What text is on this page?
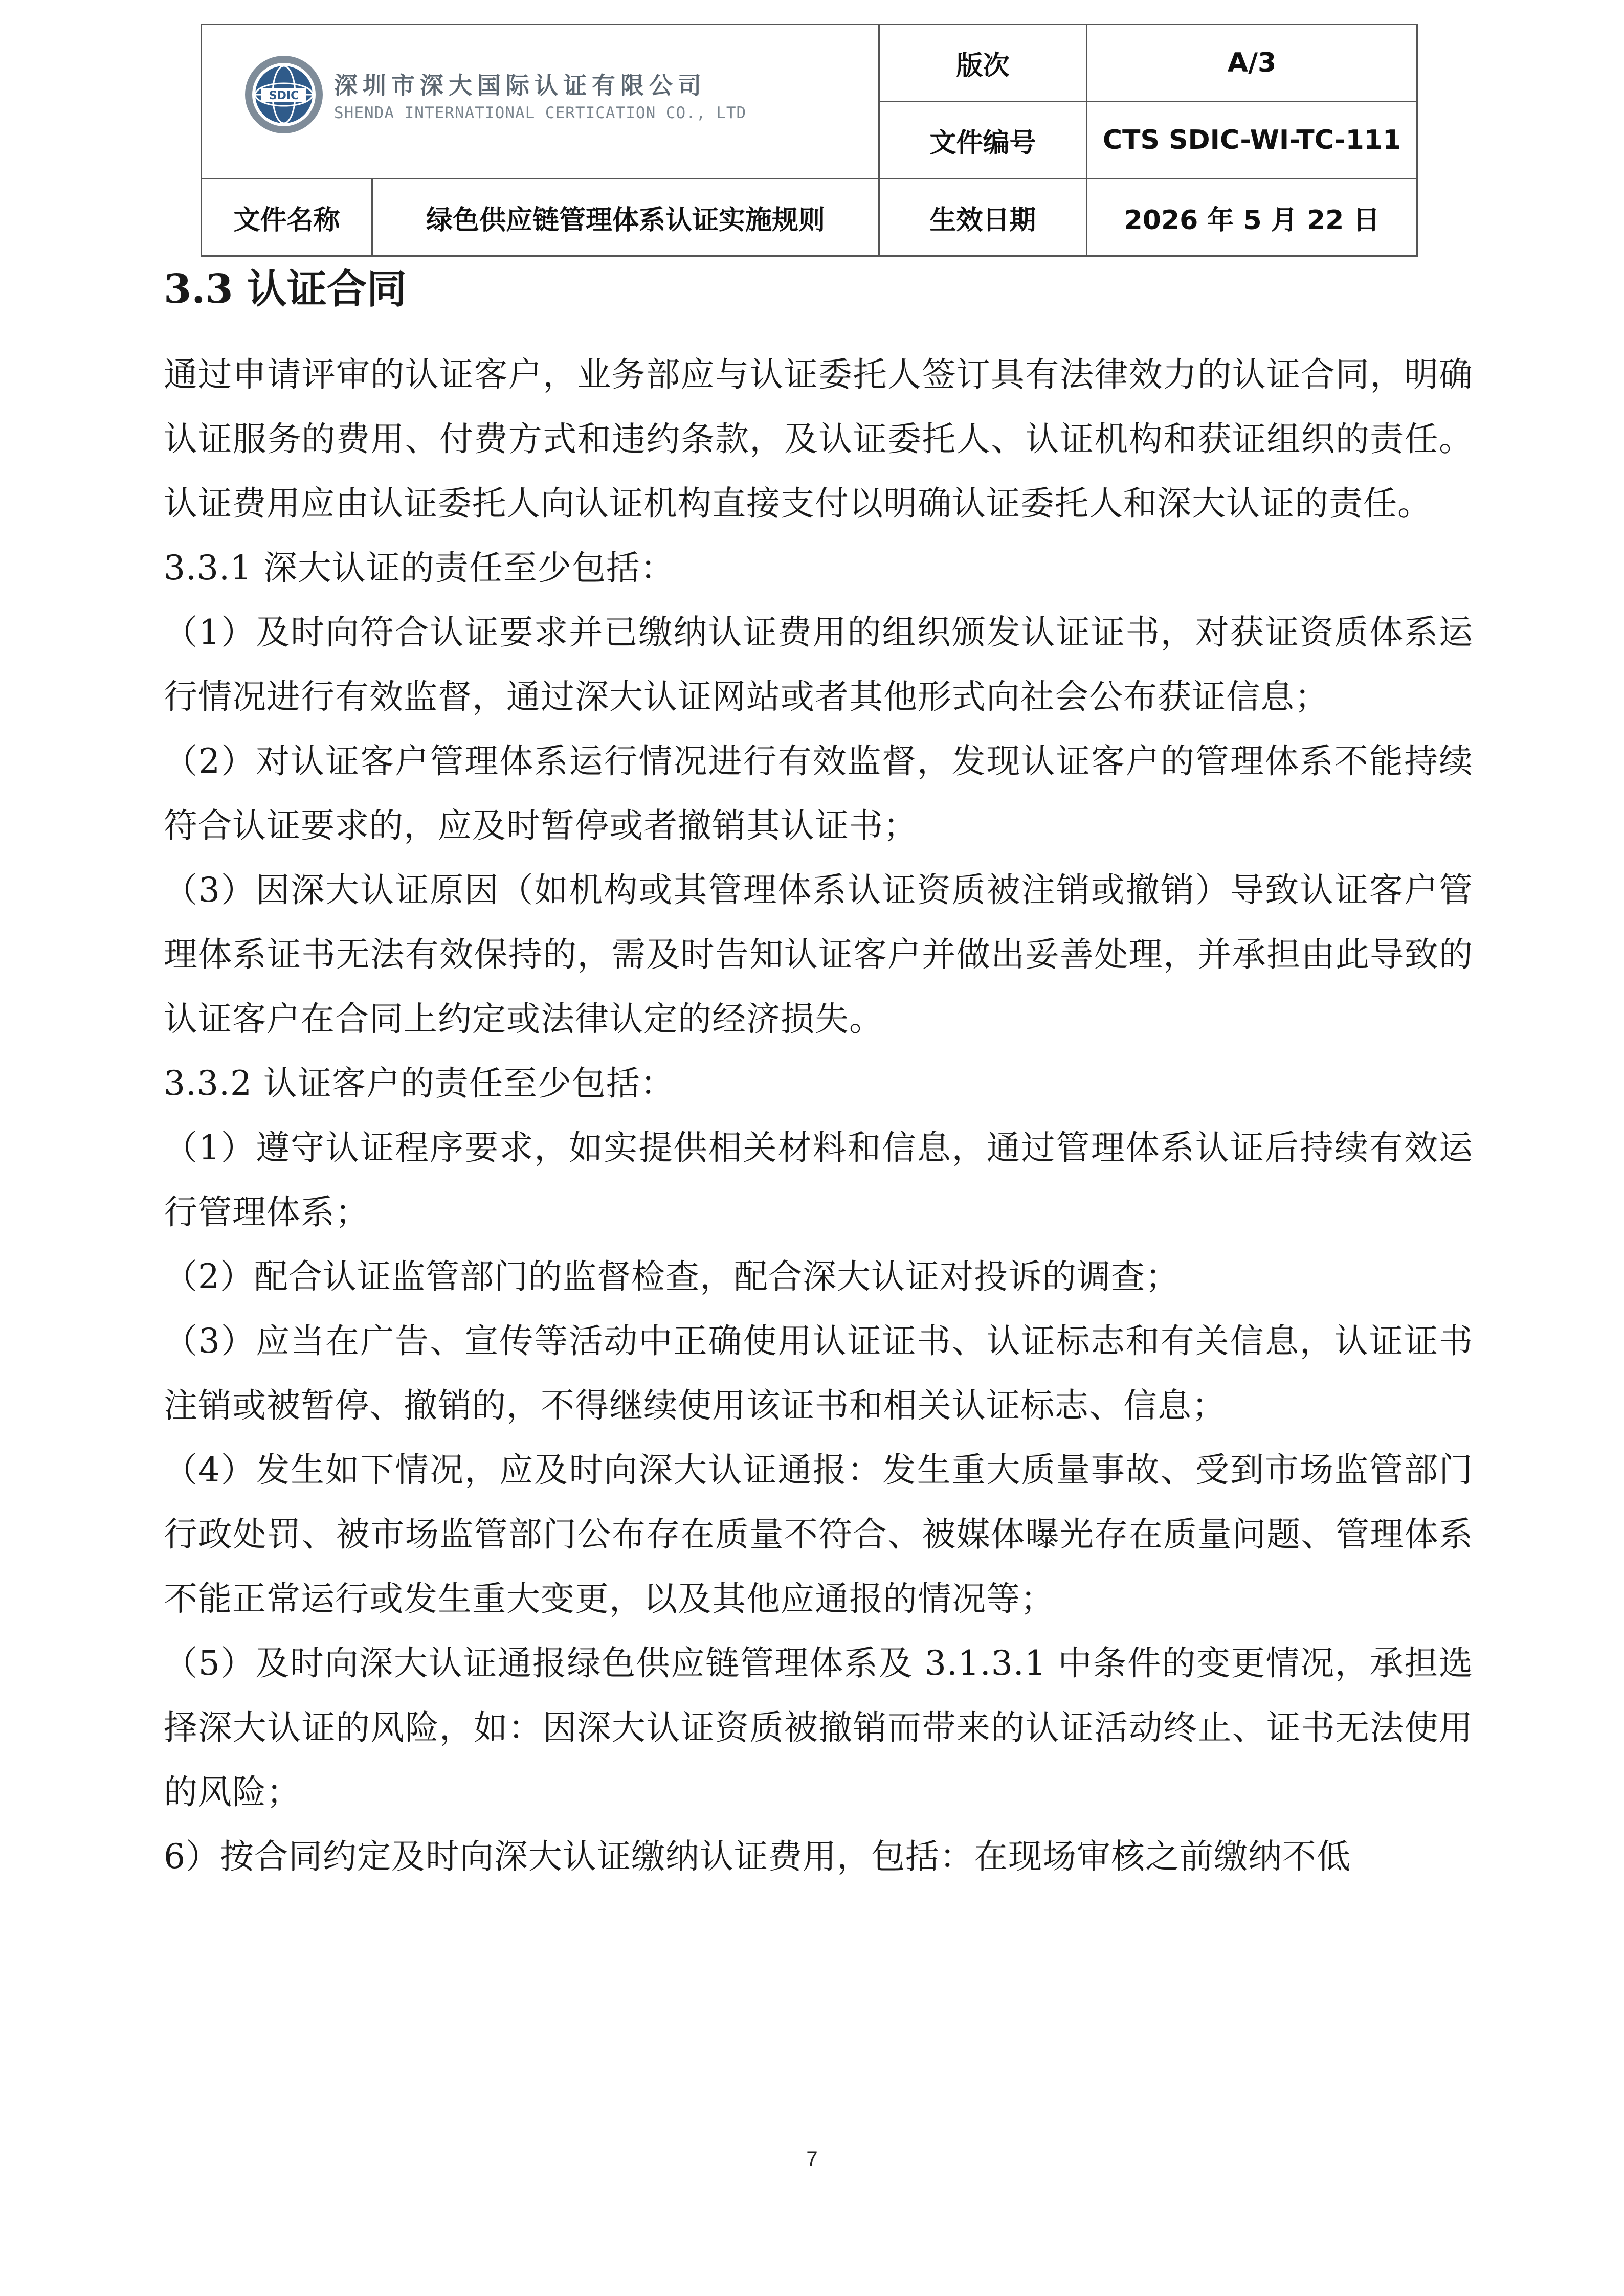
SDIC 深圳市深大国际认证有限公司
SHENDA INTERNATIONAL CERTICATION CO., LTD		版次	A/3
		文件编号	CTS SDIC-WI-TC-111
文件名称	绿色供应链管理体系认证实施规则	生效日期	2026 年 5 月 22 日
3.3 认证合同

通过申请评审的认证客户，业务部应与认证委托人签订具有法律效力的认证合同，明确认证服务的费用、付费方式和违约条款，及认证委托人、认证机构和获证组织的责任。认证费用应由认证委托人向认证机构直接支付以明确认证委托人和深大认证的责任。

3.3.1 深大认证的责任至少包括：

（1）及时向符合认证要求并已缴纳认证费用的组织颁发认证证书，对获证资质体系运行情况进行有效监督，通过深大认证网站或者其他形式向社会公布获证信息；

（2）对认证客户管理体系运行情况进行有效监督，发现认证客户的管理体系不能持续符合认证要求的，应及时暂停或者撤销其认证书；

（3）因深大认证原因（如机构或其管理体系认证资质被注销或撤销）导致认证客户管理体系证书无法有效保持的，需及时告知认证客户并做出妥善处理，并承担由此导致的认证客户在合同上约定或法律认定的经济损失。

3.3.2 认证客户的责任至少包括：

（1）遵守认证程序要求，如实提供相关材料和信息，通过管理体系认证后持续有效运行管理体系；

（2）配合认证监管部门的监督检查，配合深大认证对投诉的调查；

（3）应当在广告、宣传等活动中正确使用认证证书、认证标志和有关信息，认证证书注销或被暂停、撤销的，不得继续使用该证书和相关认证标志、信息；

（4）发生如下情况，应及时向深大认证通报：发生重大质量事故、受到市场监管部门行政处罚、被市场监管部门公布存在质量不符合、被媒体曝光存在质量问题、管理体系不能正常运行或发生重大变更，以及其他应通报的情况等；

（5）及时向深大认证通报绿色供应链管理体系及 3.1.3.1 中条件的变更情况，承担选择深大认证的风险，如：因深大认证资质被撤销而带来的认证活动终止、证书无法使用的风险；

6）按合同约定及时向深大认证缴纳认证费用，包括：在现场审核之前缴纳不低

7
